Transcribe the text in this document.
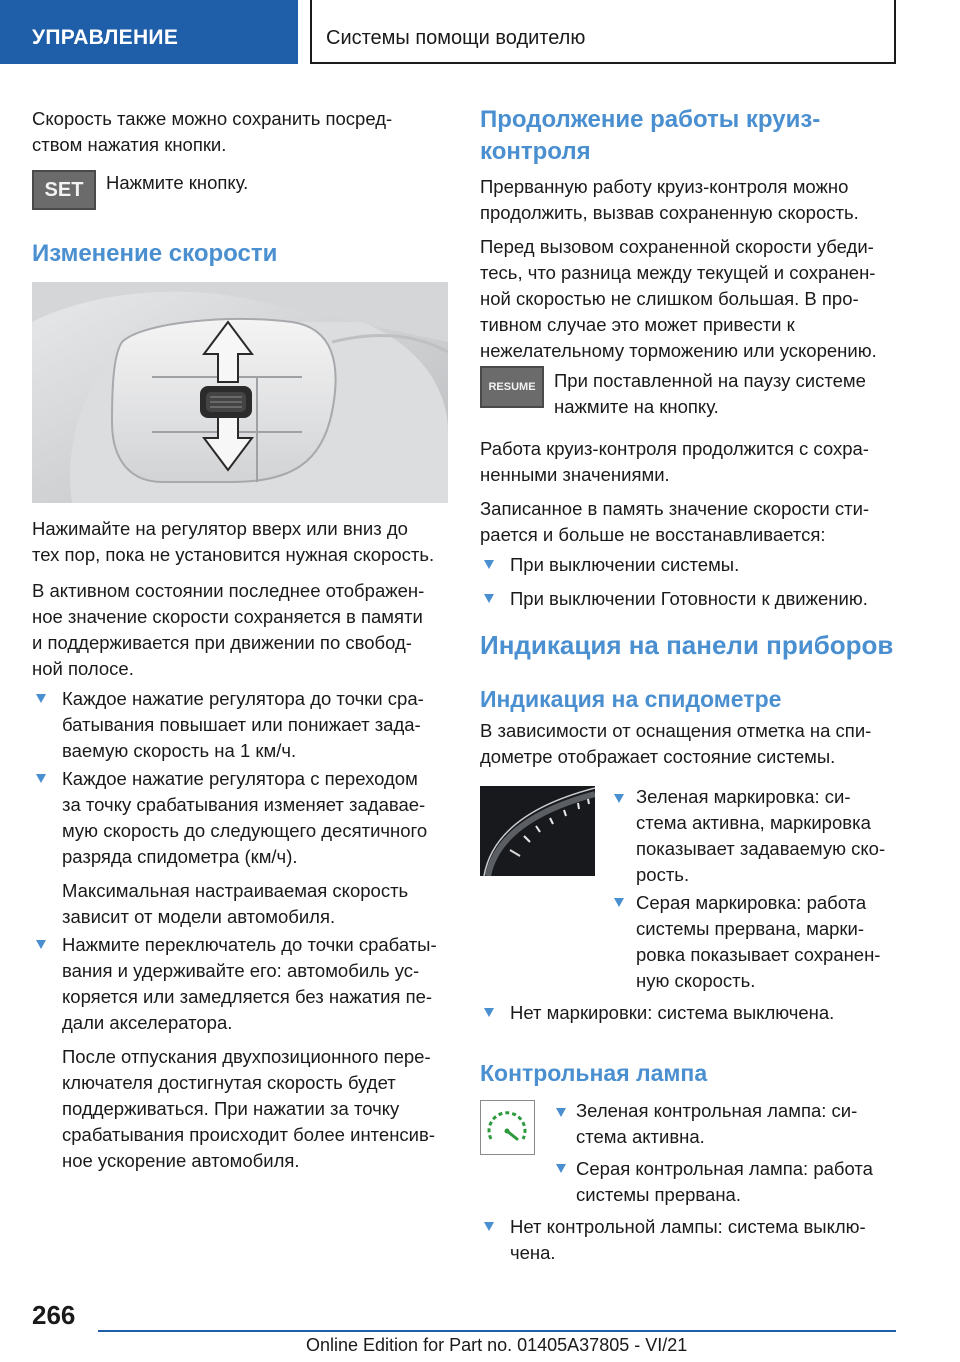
УПРАВЛЕНИЕ	Системы помощи водителю
Скорость также можно сохранить посред-
ством нажатия кнопки.
SET Нажмите кнопку.
Изменение скорости
Нажимайте на регулятор вверх или вниз до
тех пор, пока не установится нужная скорость.
В активном состоянии последнее отображен-
ное значение скорости сохраняется в памяти
и поддерживается при движении по свобод-
ной полосе.
Каждое нажатие регулятора до точки сра-
батывания повышает или понижает зада-
ваемую скорость на 1 км/ч.
Каждое нажатие регулятора с переходом
за точку срабатывания изменяет задавае-
мую скорость до следующего десятичного
разряда спидометра (км/ч).
Максимальная настраиваемая скорость
зависит от модели автомобиля.
Нажмите переключатель до точки срабаты-
вания и удерживайте его: автомобиль ус-
коряется или замедляется без нажатия пе-
дали акселератора.
После отпускания двухпозиционного пере-
ключателя достигнутая скорость будет
поддерживаться. При нажатии за точку
срабатывания происходит более интенсив-
ное ускорение автомобиля.
Продолжение работы круиз-
контроля
Прерванную работу круиз-контроля можно
продолжить, вызвав сохраненную скорость.
Перед вызовом сохраненной скорости убеди-
тесь, что разница между текущей и сохранен-
ной скоростью не слишком большая. В про-
тивном случае это может привести к
нежелательному торможению или ускорению.
RESUME При поставленной на паузу системе
нажмите на кнопку.
Работа круиз-контроля продолжится с сохра-
ненными значениями.
Записанное в память значение скорости сти-
рается и больше не восстанавливается:
При выключении системы.
При выключении Готовности к движению.
Индикация на панели приборов
Индикация на спидометре
В зависимости от оснащения отметка на спи-
дометре отображает состояние системы.
Зеленая маркировка: си-
стема активна, маркировка
показывает задаваемую ско-
рость.
Серая маркировка: работа
системы прервана, марки-
ровка показывает сохранен-
ную скорость.
Нет маркировки: система выключена.
Контрольная лампа
Зеленая контрольная лампа: си-
стема активна.
Серая контрольная лампа: работа
системы прервана.
Нет контрольной лампы: система выклю-
чена.
266
Online Edition for Part no. 01405A37805 - VI/21
